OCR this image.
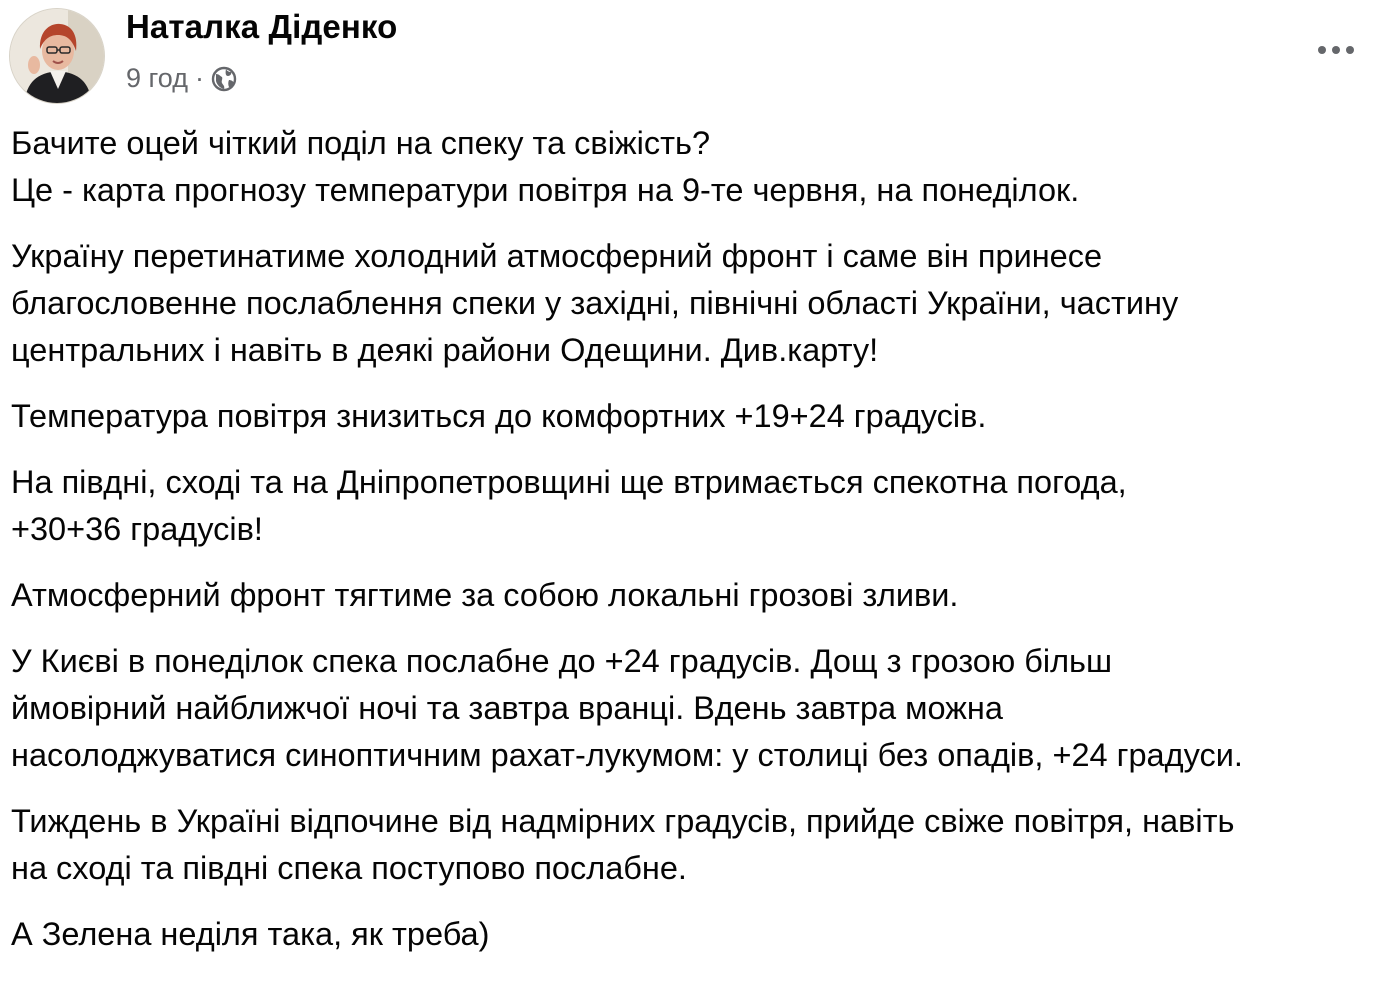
Наталка Діденко
9 год ·

Бачите оцей чіткий поділ на спеку та свіжість?
Це - карта прогнозу температури повітря на 9-те червня, на понеділок.

Україну перетинатиме холодний атмосферний фронт і саме він принесе
благословенне послаблення спеки у західні, північні області України, частину
центральних і навіть в деякі райони Одещини. Див.карту!

Температура повітря знизиться до комфортних +19+24 градусів.

На півдні, сході та на Дніпропетровщині ще втримається спекотна погода,
+30+36 градусів!

Атмосферний фронт тягтиме за собою локальні грозові зливи.

У Києві в понеділок спека послабне до +24 градусів. Дощ з грозою більш
ймовірний найближчої ночі та завтра вранці. Вдень завтра можна
насолоджуватися синоптичним рахат-лукумом: у столиці без опадів, +24 градуси.

Тиждень в Україні відпочине від надмірних градусів, прийде свіже повітря, навіть
на сході та півдні спека поступово послабне.

А Зелена неділя така, як треба)
